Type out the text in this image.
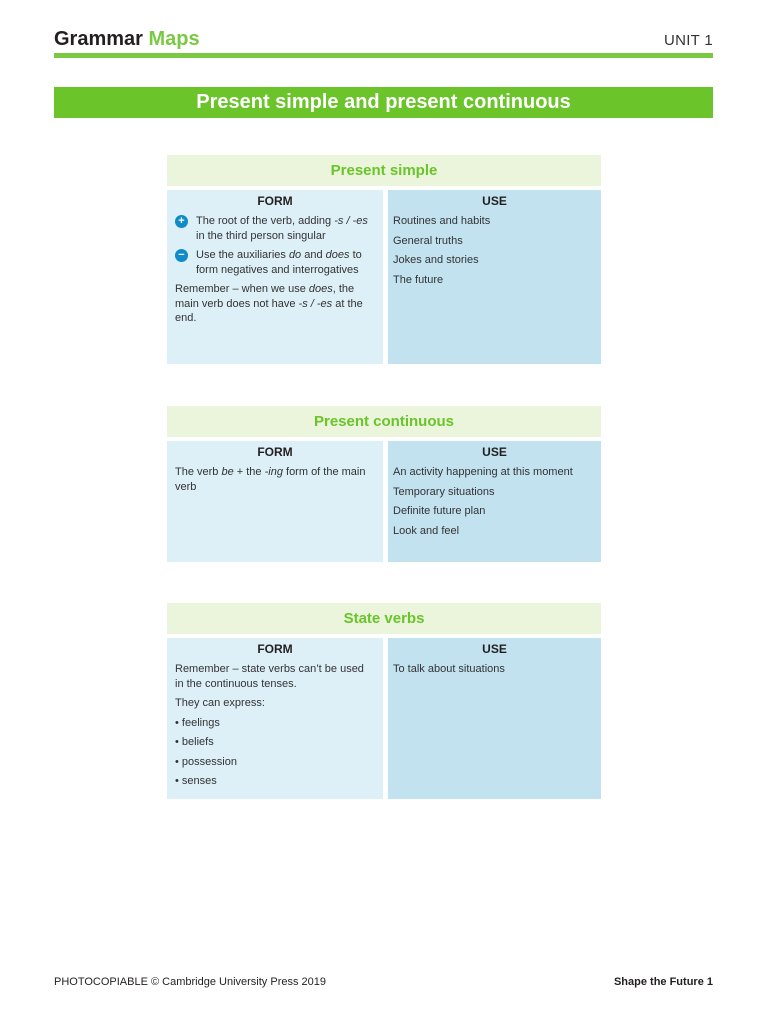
Grammar Maps	UNIT 1
Present simple and present continuous
Present simple
FORM
+ The root of the verb, adding -s / -es in the third person singular
− Use the auxiliaries do and does to form negatives and interrogatives
Remember – when we use does, the main verb does not have -s / -es at the end.
USE
Routines and habits
General truths
Jokes and stories
The future
Present continuous
FORM
The verb be + the -ing form of the main verb
USE
An activity happening at this moment
Temporary situations
Definite future plan
Look and feel
State verbs
FORM
Remember – state verbs can’t be used in the continuous tenses.
They can express:
• feelings
• beliefs
• possession
• senses
USE
To talk about situations
PHOTOCOPIABLE © Cambridge University Press 2019	Shape the Future 1
